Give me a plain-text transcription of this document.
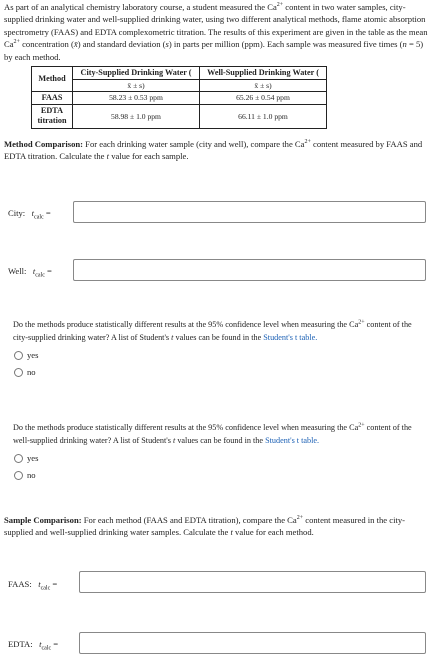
As part of an analytical chemistry laboratory course, a student measured the $Ca^{2+}$ content in two water samples, city-supplied drinking water and well-supplied drinking water, using two different analytical methods, flame atomic absorption spectrometry (FAAS) and EDTA complexometric titration. The results of this experiment are given in the table as the mean $Ca^{2+}$ concentration (x̄) and standard deviation (s) in parts per million (ppm). Each sample was measured five times (n = 5) by each method.
Method	City-Supplied Drinking Water (	Well-Supplied Drinking Water (
	x̄ ± s)	x̄ ± s)
FAAS	58.23 ± 0.53 ppm	65.26 ± 0.54 ppm
EDTA titration	58.98 ± 1.0 ppm	66.11 ± 1.0 ppm
Method Comparison: For each drinking water sample (city and well), compare the $Ca^{2+}$ content measured by FAAS and EDTA titration. Calculate the t value for each sample.
City: $t_{calc}$ =
Well: $t_{calc}$ =
Do the methods produce statistically different results at the 95% confidence level when measuring the $Ca^{2+}$ content of the city-supplied drinking water? A list of Student's t values can be found in the Student's t table.
yes
no
Do the methods produce statistically different results at the 95% confidence level when measuring the $Ca^{2+}$ content of the well-supplied drinking water? A list of Student's t values can be found in the Student's t table.
yes
no
Sample Comparison: For each method (FAAS and EDTA titration), compare the $Ca^{2+}$ content measured in the city-supplied and well-supplied drinking water samples. Calculate the t value for each method.
FAAS: $t_{calc}$ =
EDTA: $t_{calc}$ =
